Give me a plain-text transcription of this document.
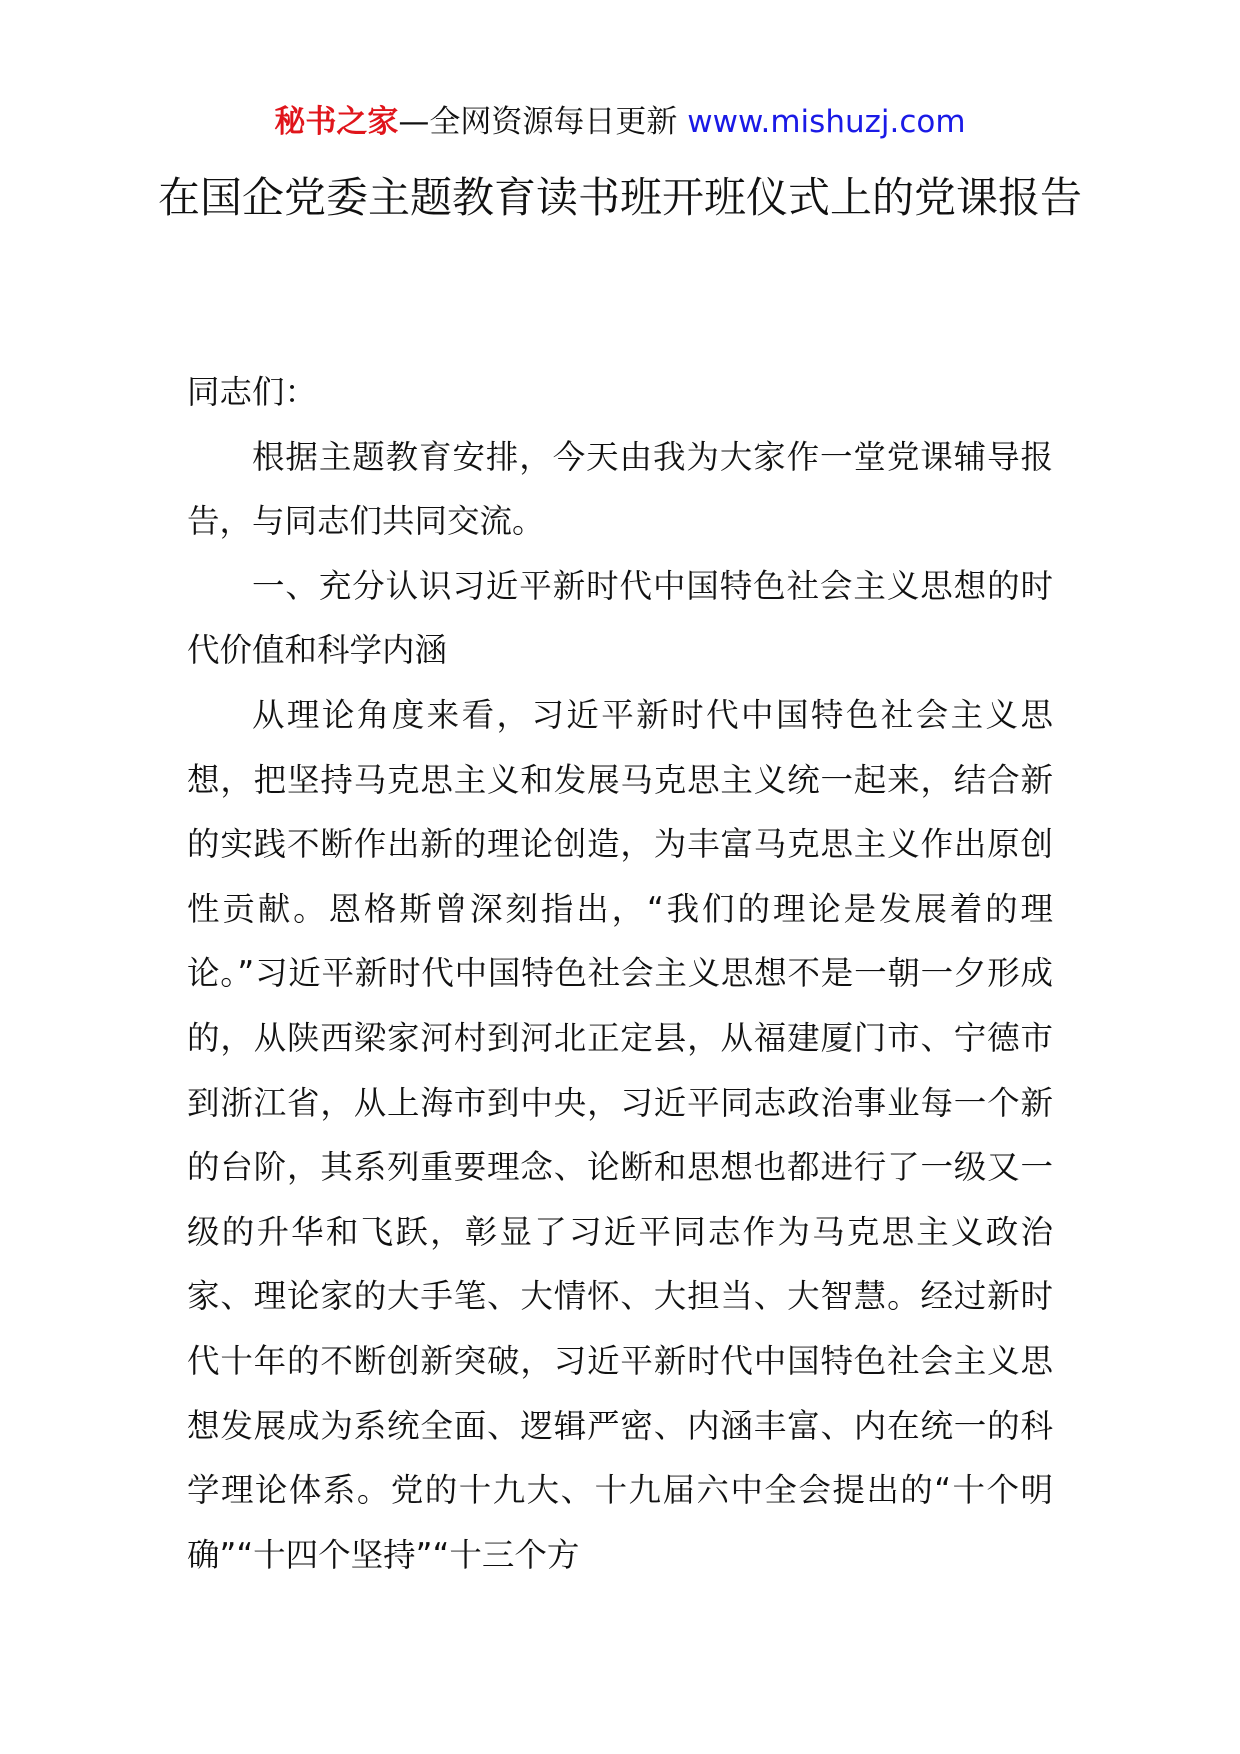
秘书之家—全网资源每日更新 www.mishuzj.com
在国企党委主题教育读书班开班仪式上的党课报告

同志们：

根据主题教育安排，今天由我为大家作一堂党课辅导报告，与同志们共同交流。

一、充分认识习近平新时代中国特色社会主义思想的时代价值和科学内涵

从理论角度来看，习近平新时代中国特色社会主义思想，把坚持马克思主义和发展马克思主义统一起来，结合新的实践不断作出新的理论创造，为丰富马克思主义作出原创性贡献。恩格斯曾深刻指出，“我们的理论是发展着的理论。”习近平新时代中国特色社会主义思想不是一朝一夕形成的，从陕西梁家河村到河北正定县，从福建厦门市、宁德市到浙江省，从上海市到中央，习近平同志政治事业每一个新的台阶，其系列重要理念、论断和思想也都进行了一级又一级的升华和飞跃，彰显了习近平同志作为马克思主义政治家、理论家的大手笔、大情怀、大担当、大智慧。经过新时代十年的不断创新突破，习近平新时代中国特色社会主义思想发展成为系统全面、逻辑严密、内涵丰富、内在统一的科学理论体系。党的十九大、十九届六中全会提出的“十个明确”“十四个坚持”“十三个方
